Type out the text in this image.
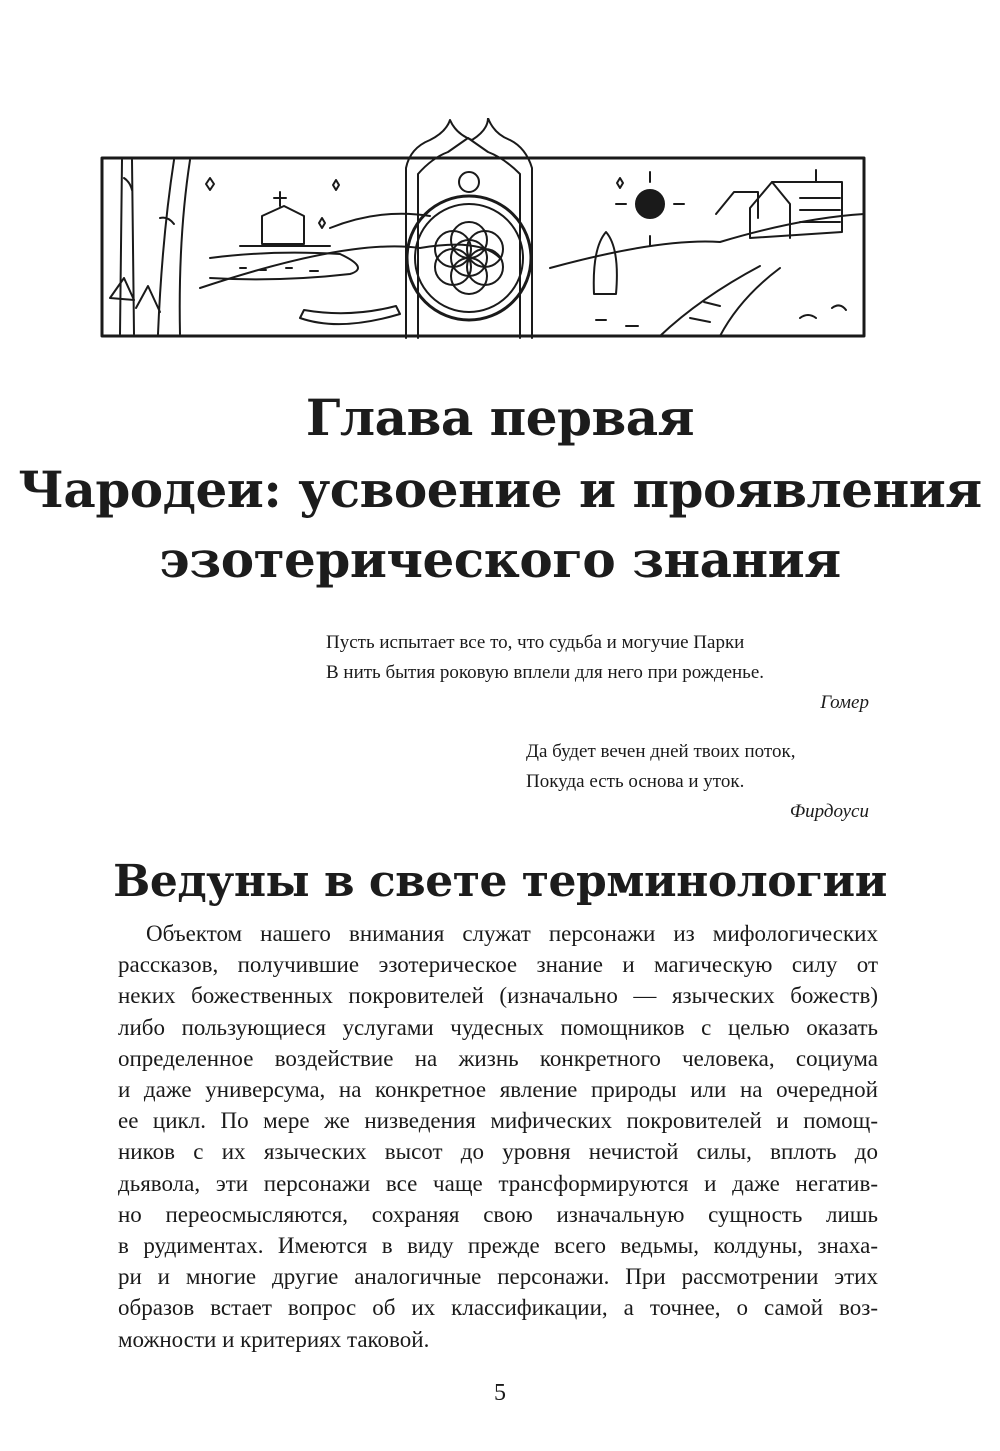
Глава первая
Чародеи: усвоение и проявления
эзотерического знания
Пусть испытает все то, что судьба и могучие Парки
В нить бытия роковую вплели для него при рожденье.
Гомер
Да будет вечен дней твоих поток,
Покуда есть основа и уток.
Фирдоуси
Ведуны в свете терминологии

Объектом нашего внимания служат персонажи из мифологических
рассказов, получившие эзотерическое знание и магическую силу от
неких божественных покровителей (изначально — языческих божеств)
либо пользующиеся услугами чудесных помощников с целью оказать
определенное воздействие на жизнь конкретного человека, социума
и даже универсума, на конкретное явление природы или на очередной
ее цикл. По мере же низведения мифических покровителей и помощ-
ников с их языческих высот до уровня нечистой силы, вплоть до
дьявола, эти персонажи все чаще трансформируются и даже негатив-
но переосмысляются, сохраняя свою изначальную сущность лишь
в рудиментах. Имеются в виду прежде всего ведьмы, колдуны, знаха-
ри и многие другие аналогичные персонажи. При рассмотрении этих
образов встает вопрос об их классификации, а точнее, о самой воз-
можности и критериях таковой.

5
